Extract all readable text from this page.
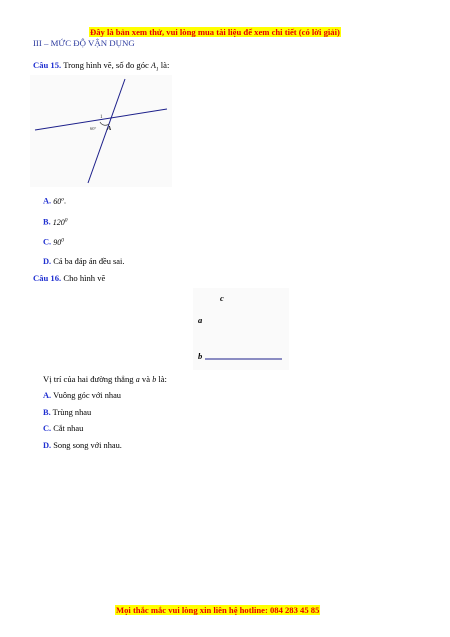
Đây là bản xem thử, vui lòng mua tài liệu để xem chi tiết (có lời giải)
III – MỨC ĐỘ VẬN DỤNG
Câu 15. Trong hình vẽ, số đo góc $A_1$ là:
1
60° A
A. 60$^o$.
B. $120^0$
C. $90^0$
D. Cả ba đáp án đều sai.
Câu 16. Cho hình vẽ
c
a
b
Vị trí của hai đường thẳng a và b là:
A. Vuông góc với nhau
B. Trùng nhau
C. Cắt nhau
D. Song song với nhau.
Mọi thắc mắc vui lòng xin liên hệ hotline: 084 283 45 85
